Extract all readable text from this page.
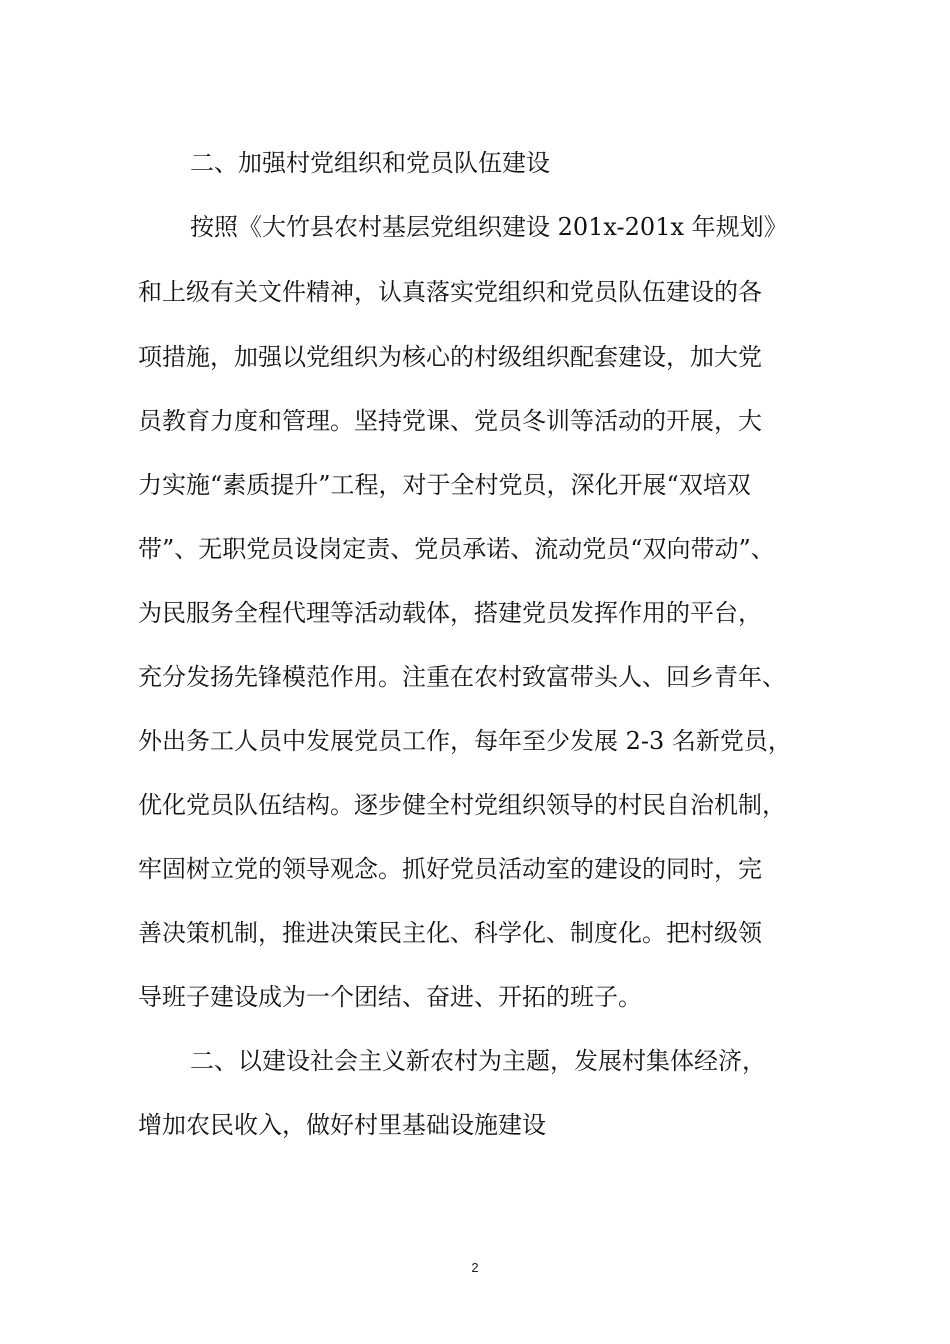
二、加强村党组织和党员队伍建设
按照《大竹县农村基层党组织建设 201x-201x 年规划》
和上级有关文件精神，认真落实党组织和党员队伍建设的各
项措施，加强以党组织为核心的村级组织配套建设，加大党
员教育力度和管理。坚持党课、党员冬训等活动的开展，大
力实施“素质提升”工程，对于全村党员，深化开展“双培双
带”、无职党员设岗定责、党员承诺、流动党员“双向带动”、
为民服务全程代理等活动载体，搭建党员发挥作用的平台，
充分发扬先锋模范作用。注重在农村致富带头人、回乡青年、
外出务工人员中发展党员工作，每年至少发展 2-3 名新党员，
优化党员队伍结构。逐步健全村党组织领导的村民自治机制，
牢固树立党的领导观念。抓好党员活动室的建设的同时，完
善决策机制，推进决策民主化、科学化、制度化。把村级领
导班子建设成为一个团结、奋进、开拓的班子。
二、以建设社会主义新农村为主题，发展村集体经济，
增加农民收入，做好村里基础设施建设
2
